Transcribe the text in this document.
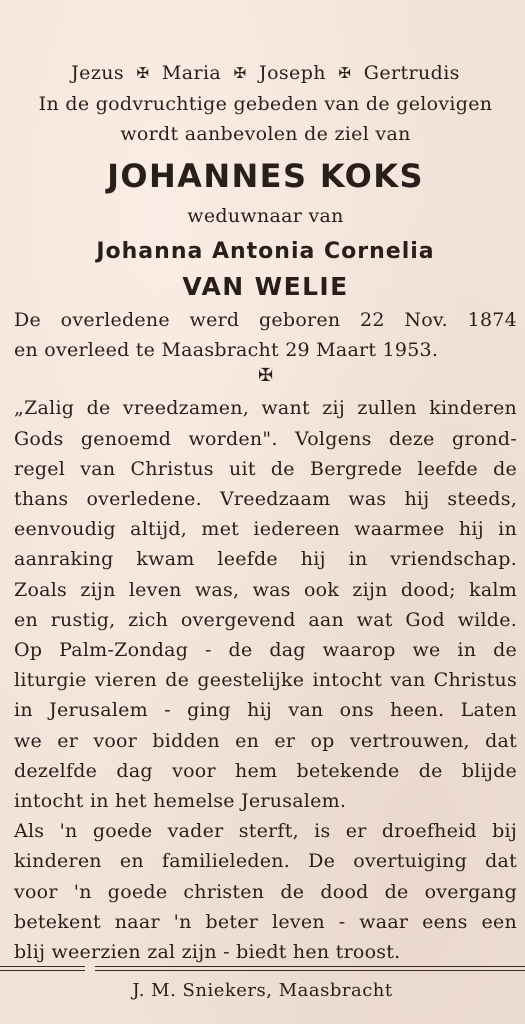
Jezus ✠ Maria ✠ Joseph ✠ Gertrudis
In de godvruchtige gebeden van de gelovigen
wordt aanbevolen de ziel van
JOHANNES KOKS
weduwnaar van
Johanna Antonia Cornelia
VAN WELIE
De overledene werd geboren 22 Nov. 1874
en overleed te Maasbracht 29 Maart 1953.
✠
„Zalig de vreedzamen, want zij zullen kinderen
Gods genoemd worden". Volgens deze grond-
regel van Christus uit de Bergrede leefde de
thans overledene. Vreedzaam was hij steeds,
eenvoudig altijd, met iedereen waarmee hij in
aanraking kwam leefde hij in vriendschap.
Zoals zijn leven was, was ook zijn dood; kalm
en rustig, zich overgevend aan wat God wilde.
Op Palm-Zondag - de dag waarop we in de
liturgie vieren de geestelijke intocht van Christus
in Jerusalem - ging hij van ons heen. Laten
we er voor bidden en er op vertrouwen, dat
dezelfde dag voor hem betekende de blijde
intocht in het hemelse Jerusalem.
Als 'n goede vader sterft, is er droefheid bij
kinderen en familieleden. De overtuiging dat
voor 'n goede christen de dood de overgang
betekent naar 'n beter leven - waar eens een
blij weerzien zal zijn - biedt hen troost.
J. M. Sniekers, Maasbracht
